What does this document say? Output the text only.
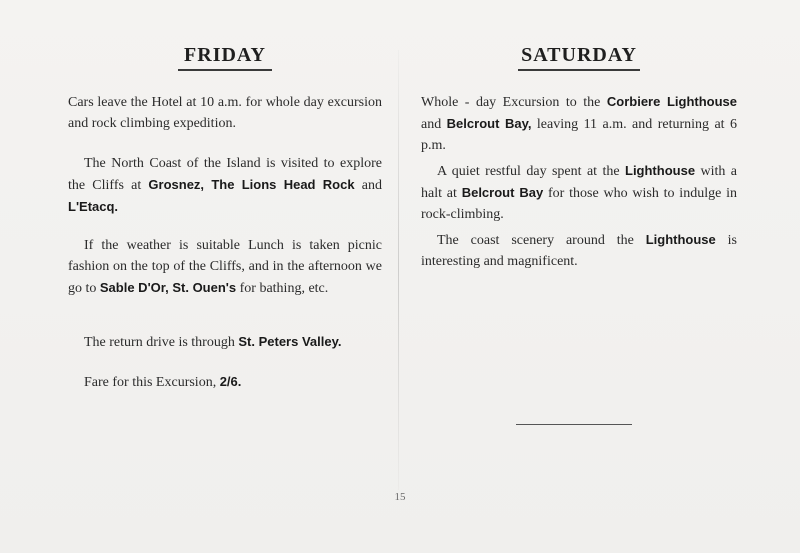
FRIDAY

Cars leave the Hotel at 10 a.m. for whole day excursion and rock climbing expedition.

The North Coast of the Island is visited to explore the Cliffs at Grosnez, The Lions Head Rock and L'Etacq.

If the weather is suitable Lunch is taken picnic fashion on the top of the Cliffs, and in the afternoon we go to Sable D'Or, St. Ouen's for bathing, etc.

The return drive is through St. Peters Valley.

Fare for this Excursion, 2/6.

SATURDAY

Whole - day Excursion to the Corbiere Lighthouse and Belcrout Bay, leaving 11 a.m. and returning at 6 p.m.

A quiet restful day spent at the Lighthouse with a halt at Belcrout Bay for those who wish to indulge in rock-climbing.

The coast scenery around the Lighthouse is interesting and magnificent.

15
